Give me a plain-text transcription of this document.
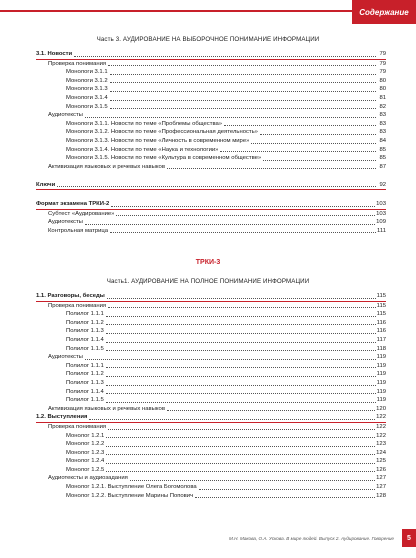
Содержание
Часть 3. АУДИРОВАНИЕ НА ВЫБОРОЧНОЕ ПОНИМАНИЕ ИНФОРМАЦИИ
3.1. Новости	79
Проверка понимания	79
Монологи 3.1.1	79
Монологи 3.1.2	80
Монологи 3.1.3	80
Монологи 3.1.4	81
Монологи 3.1.5	82
Аудиотексты	83
Монологи 3.1.1. Новости по теме «Проблемы общества»	83
Монологи 3.1.2. Новости по теме «Профессиональная деятельность»	83
Монологи 3.1.3. Новости по теме «Личность в современном мире»	84
Монологи 3.1.4. Новости по теме «Наука и технологии»	85
Монологи 3.1.5. Новости по теме «Культура в современном обществе»	85
Активизация языковых и речевых навыков	87
Ключи	92
Формат экзамена ТРКИ-2	103
Субтест «Аудирование»	103
Аудиотексты	109
Контрольная матрица	111
ТРКИ-3
Часть1. АУДИРОВАНИЕ НА ПОЛНОЕ ПОНИМАНИЕ ИНФОРМАЦИИ
1.1. Разговоры, беседы	115
Проверка понимания	115
Полилог 1.1.1	115
Полилог 1.1.2	116
Полилог 1.1.3	116
Полилог 1.1.4	117
Полилог 1.1.5	118
Аудиотексты	119
Полилог 1.1.1	119
Полилог 1.1.2	119
Полилог 1.1.3	119
Полилог 1.1.4	119
Полилог 1.1.5	119
Активизация языковых и речевых навыков	120
1.2. Выступления	122
Проверка понимания	122
Монолог 1.2.1	122
Монолог 1.2.2	123
Монолог 1.2.3	124
Монолог 1.2.4	125
Монолог 1.2.5	126
Аудиотексты и аудиозадания	127
Монолог 1.2.1. Выступление Олега Богомолова	127
Монолог 1.2.2. Выступление Марины Попович	128
М.Н. Макова, О.А. Ускова. В мире людей. Выпуск 2. Аудирование. Говорение	5
